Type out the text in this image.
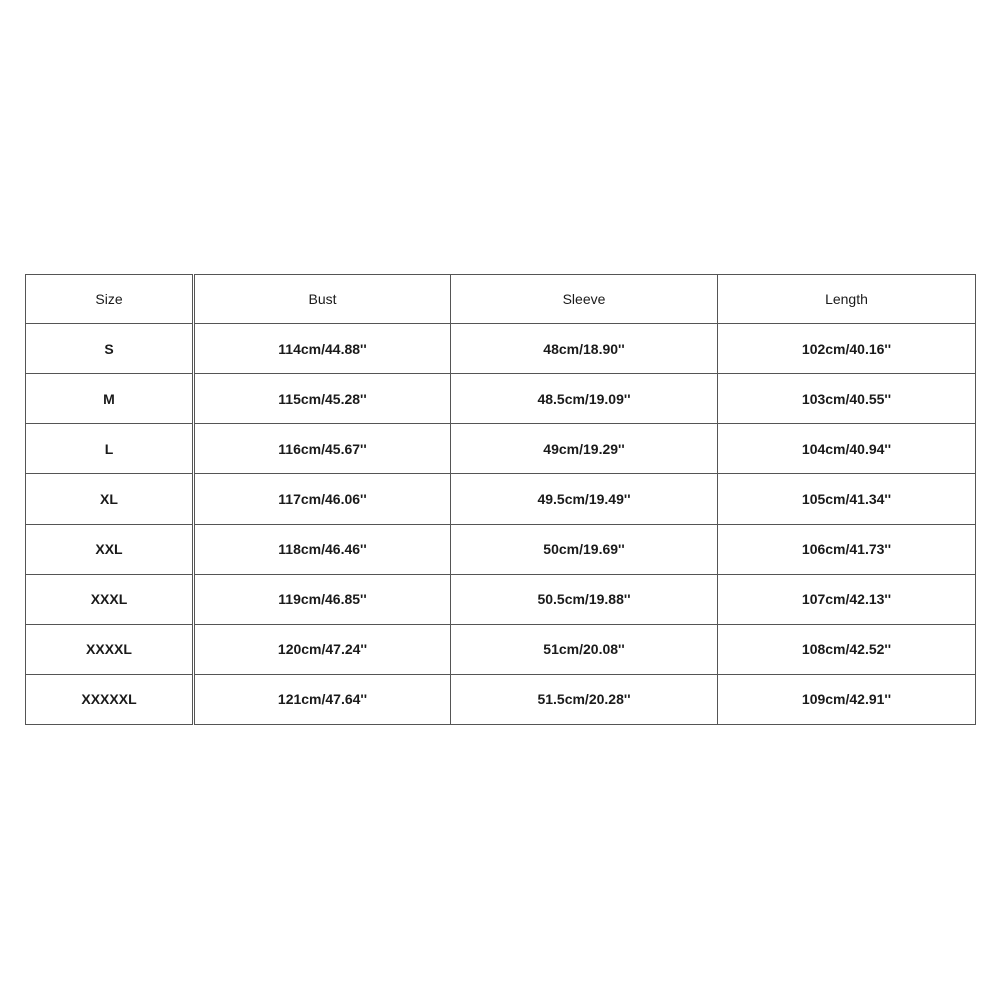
Size	Bust	Sleeve	Length
S	114cm/44.88''	48cm/18.90''	102cm/40.16''
M	115cm/45.28''	48.5cm/19.09''	103cm/40.55''
L	116cm/45.67''	49cm/19.29''	104cm/40.94''
XL	117cm/46.06''	49.5cm/19.49''	105cm/41.34''
XXL	118cm/46.46''	50cm/19.69''	106cm/41.73''
XXXL	119cm/46.85''	50.5cm/19.88''	107cm/42.13''
XXXXL	120cm/47.24''	51cm/20.08''	108cm/42.52''
XXXXXL	121cm/47.64''	51.5cm/20.28''	109cm/42.91''
